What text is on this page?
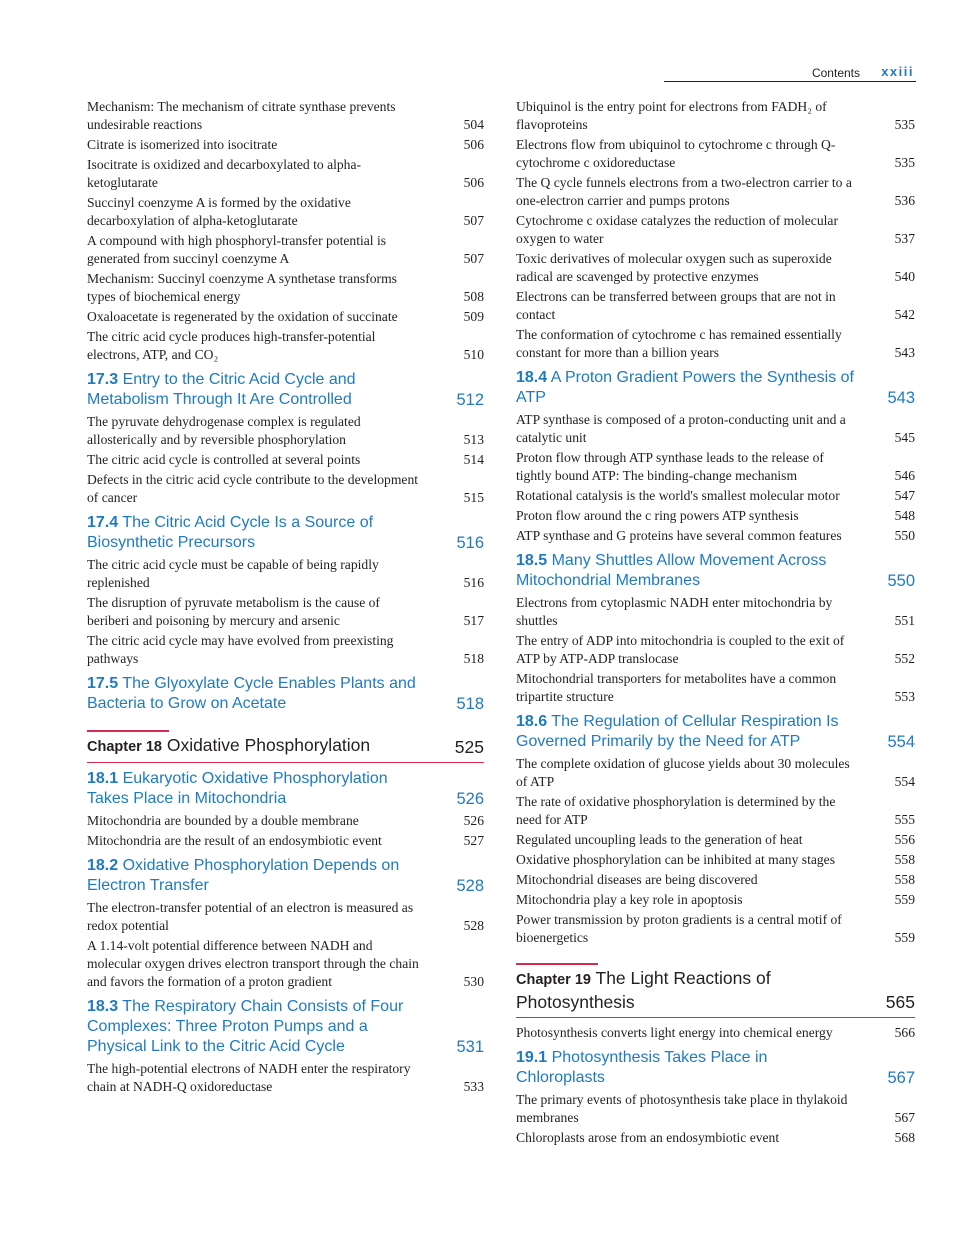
Contents xxiii
Mechanism: The mechanism of citrate synthase prevents undesirable reactions	504
Citrate is isomerized into isocitrate	506
Isocitrate is oxidized and decarboxylated to alpha-ketoglutarate	506
Succinyl coenzyme A is formed by the oxidative decarboxylation of alpha-ketoglutarate	507
A compound with high phosphoryl-transfer potential is generated from succinyl coenzyme A	507
Mechanism: Succinyl coenzyme A synthetase transforms types of biochemical energy	508
Oxaloacetate is regenerated by the oxidation of succinate	509
The citric acid cycle produces high-transfer-potential electrons, ATP, and CO₂	510
17.3 Entry to the Citric Acid Cycle and Metabolism Through It Are Controlled	512
The pyruvate dehydrogenase complex is regulated allosterically and by reversible phosphorylation	513
The citric acid cycle is controlled at several points	514
Defects in the citric acid cycle contribute to the development of cancer	515
17.4 The Citric Acid Cycle Is a Source of Biosynthetic Precursors	516
The citric acid cycle must be capable of being rapidly replenished	516
The disruption of pyruvate metabolism is the cause of beriberi and poisoning by mercury and arsenic	517
The citric acid cycle may have evolved from preexisting pathways	518
17.5 The Glyoxylate Cycle Enables Plants and Bacteria to Grow on Acetate	518
Chapter 18 Oxidative Phosphorylation	525
18.1 Eukaryotic Oxidative Phosphorylation Takes Place in Mitochondria	526
Mitochondria are bounded by a double membrane	526
Mitochondria are the result of an endosymbiotic event	527
18.2 Oxidative Phosphorylation Depends on Electron Transfer	528
The electron-transfer potential of an electron is measured as redox potential	528
A 1.14-volt potential difference between NADH and molecular oxygen drives electron transport through the chain and favors the formation of a proton gradient	530
18.3 The Respiratory Chain Consists of Four Complexes: Three Proton Pumps and a Physical Link to the Citric Acid Cycle	531
The high-potential electrons of NADH enter the respiratory chain at NADH-Q oxidoreductase	533
Ubiquinol is the entry point for electrons from FADH₂ of flavoproteins	535
Electrons flow from ubiquinol to cytochrome c through Q-cytochrome c oxidoreductase	535
The Q cycle funnels electrons from a two-electron carrier to a one-electron carrier and pumps protons	536
Cytochrome c oxidase catalyzes the reduction of molecular oxygen to water	537
Toxic derivatives of molecular oxygen such as superoxide radical are scavenged by protective enzymes	540
Electrons can be transferred between groups that are not in contact	542
The conformation of cytochrome c has remained essentially constant for more than a billion years	543
18.4 A Proton Gradient Powers the Synthesis of ATP	543
ATP synthase is composed of a proton-conducting unit and a catalytic unit	545
Proton flow through ATP synthase leads to the release of tightly bound ATP: The binding-change mechanism	546
Rotational catalysis is the world's smallest molecular motor	547
Proton flow around the c ring powers ATP synthesis	548
ATP synthase and G proteins have several common features	550
18.5 Many Shuttles Allow Movement Across Mitochondrial Membranes	550
Electrons from cytoplasmic NADH enter mitochondria by shuttles	551
The entry of ADP into mitochondria is coupled to the exit of ATP by ATP-ADP translocase	552
Mitochondrial transporters for metabolites have a common tripartite structure	553
18.6 The Regulation of Cellular Respiration Is Governed Primarily by the Need for ATP	554
The complete oxidation of glucose yields about 30 molecules of ATP	554
The rate of oxidative phosphorylation is determined by the need for ATP	555
Regulated uncoupling leads to the generation of heat	556
Oxidative phosphorylation can be inhibited at many stages	558
Mitochondrial diseases are being discovered	558
Mitochondria play a key role in apoptosis	559
Power transmission by proton gradients is a central motif of bioenergetics	559
Chapter 19 The Light Reactions of Photosynthesis	565
Photosynthesis converts light energy into chemical energy	566
19.1 Photosynthesis Takes Place in Chloroplasts	567
The primary events of photosynthesis take place in thylakoid membranes	567
Chloroplasts arose from an endosymbiotic event	568
